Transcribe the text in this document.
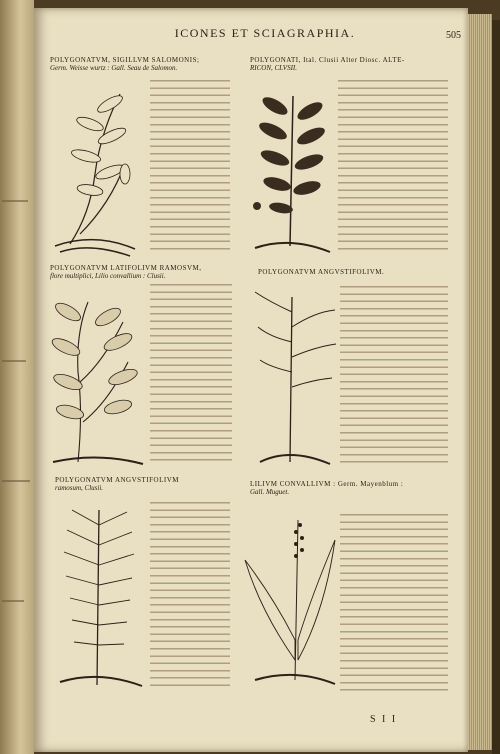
ICONES ET SCIAGRAPHIA.	505
POLYGONATVM, SIGILLVM SALOMONIS;
Germ. Weisse wurtz : Gall. Seau de Salomon.
POLYGONATI, Ital. Clusii Alter Diosc. ALTE-
RICON, CLVSII.
POLYGONATVM LATIFOLIVM RAMOSVM,
flore multiplici, Lilio convallium : Clusii.	POLYGONATVM ANGVSTIFOLIVM.
POLYGONATVM ANGVSTIFOLIVM
ramosum, Clusii.	LILIVM CONVALLIVM : Germ. Mayenblum :
Gall. Muguet.
S I I
